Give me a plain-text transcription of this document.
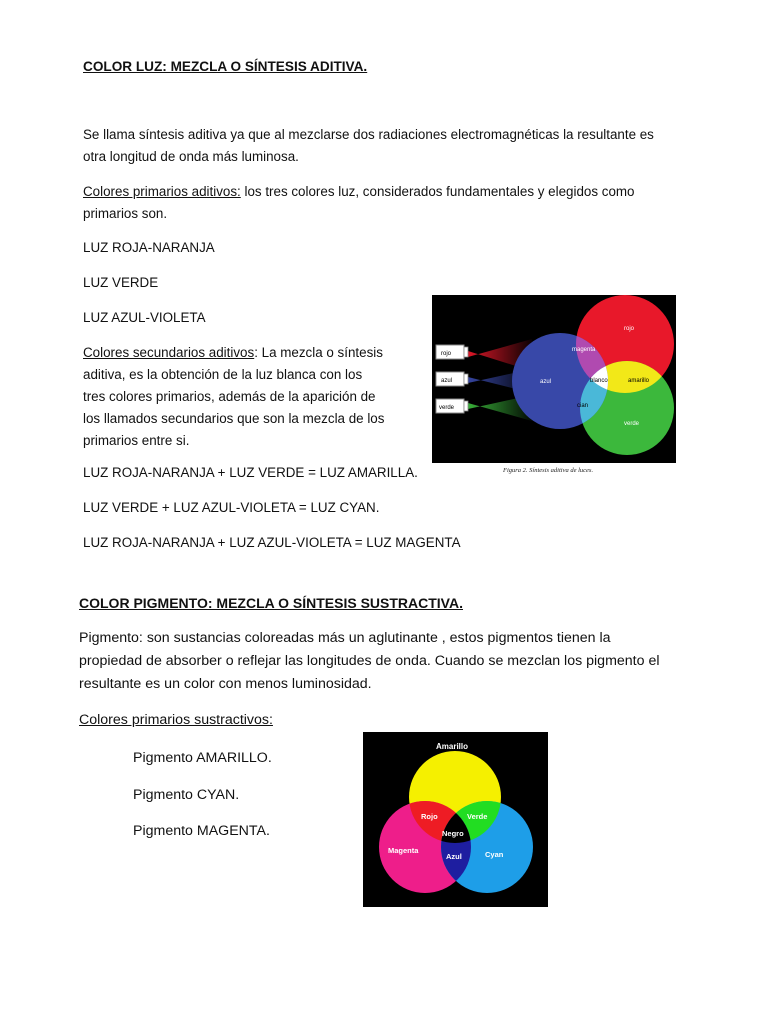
COLOR LUZ: MEZCLA O SÍNTESIS ADITIVA.
Se llama síntesis aditiva ya que al mezclarse dos radiaciones electromagnéticas la resultante es
otra longitud de onda más luminosa.
Colores primarios aditivos: los tres colores luz, considerados fundamentales y elegidos como
primarios son.
LUZ ROJA-NARANJA
LUZ VERDE
LUZ AZUL-VIOLETA
Colores secundarios aditivos: La mezcla o síntesis
aditiva, es la obtención de la luz blanca con los
tres colores primarios, además de la aparición de
los llamados secundarios que son la mezcla de los
primarios entre si.
LUZ ROJA-NARANJA + LUZ VERDE = LUZ AMARILLA.
LUZ VERDE + LUZ AZUL-VIOLETA = LUZ CYAN.
LUZ ROJA-NARANJA + LUZ AZUL-VIOLETA = LUZ MAGENTA
rojo
azul
verde
rojo
azul
verde
magenta
amarillo
cian
blanco
Figura 2. Síntesis aditiva de luces.
COLOR PIGMENTO: MEZCLA O SÍNTESIS SUSTRACTIVA.
Pigmento: son sustancias coloreadas más un aglutinante , estos pigmentos tienen la
propiedad de absorber o reflejar las longitudes de onda. Cuando se mezclan los pigmento el
resultante es un color con menos luminosidad.
Colores primarios sustractivos:
Pigmento AMARILLO.
Pigmento CYAN.
Pigmento MAGENTA.
Amarillo
Rojo	Verde
Negro
Magenta
Azul	Cyan
